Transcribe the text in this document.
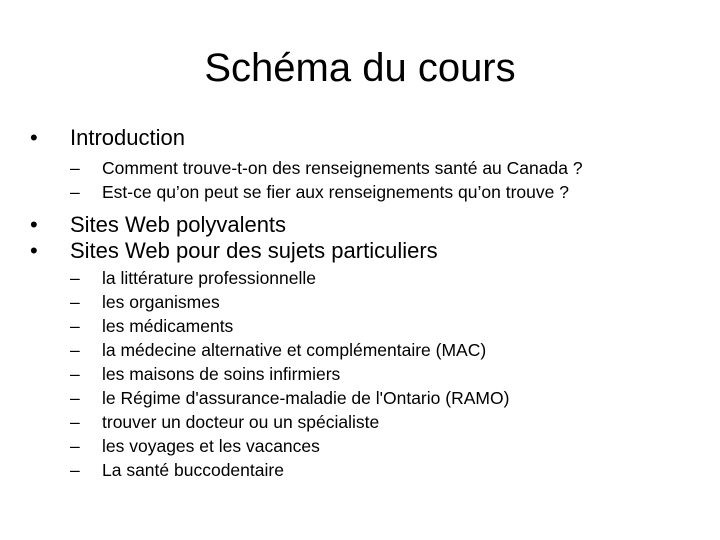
Schéma du cours
• Introduction
– Comment trouve-t-on des renseignements santé au Canada ?
– Est-ce qu’on peut se fier aux renseignements qu’on trouve ?
• Sites Web polyvalents
• Sites Web pour des sujets particuliers
– la littérature professionnelle
– les organismes
– les médicaments
– la médecine alternative et complémentaire (MAC)
– les maisons de soins infirmiers
– le Régime d'assurance-maladie de l'Ontario (RAMO)
– trouver un docteur ou un spécialiste
– les voyages et les vacances
– La santé buccodentaire
